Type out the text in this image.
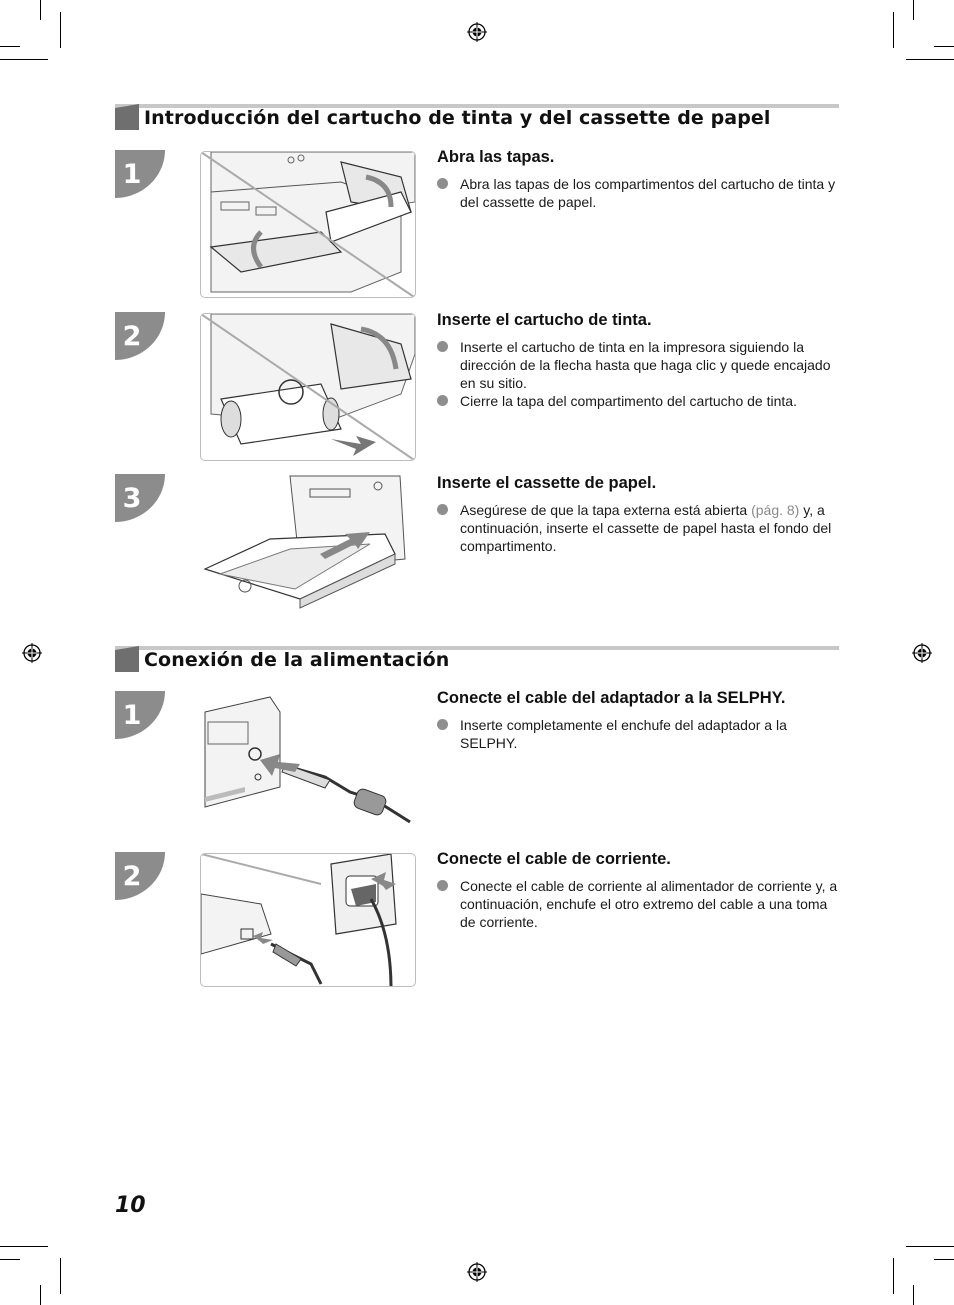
Introducción del cartucho de tinta y del cassette de papel
1

Abra las tapas.

Abra las tapas de los compartimentos del cartucho de tinta y del cassette de papel.

2

Inserte el cartucho de tinta.

Inserte el cartucho de tinta en la impresora siguiendo la dirección de la flecha hasta que haga clic y quede encajado en su sitio.

Cierre la tapa del compartimento del cartucho de tinta.

3	Inserte el cassette de papel.

Asegúrese de que la tapa externa está abierta (pág. 8) y, a continuación, inserte el cassette de papel hasta el fondo del compartimento.

Conexión de la alimentación
1

Conecte el cable del adaptador a la SELPHY.

Inserte completamente el enchufe del adaptador a la SELPHY.

2

Conecte el cable de corriente.

Conecte el cable de corriente al alimentador de corriente y, a continuación, enchufe el otro extremo del cable a una toma de corriente.

10
